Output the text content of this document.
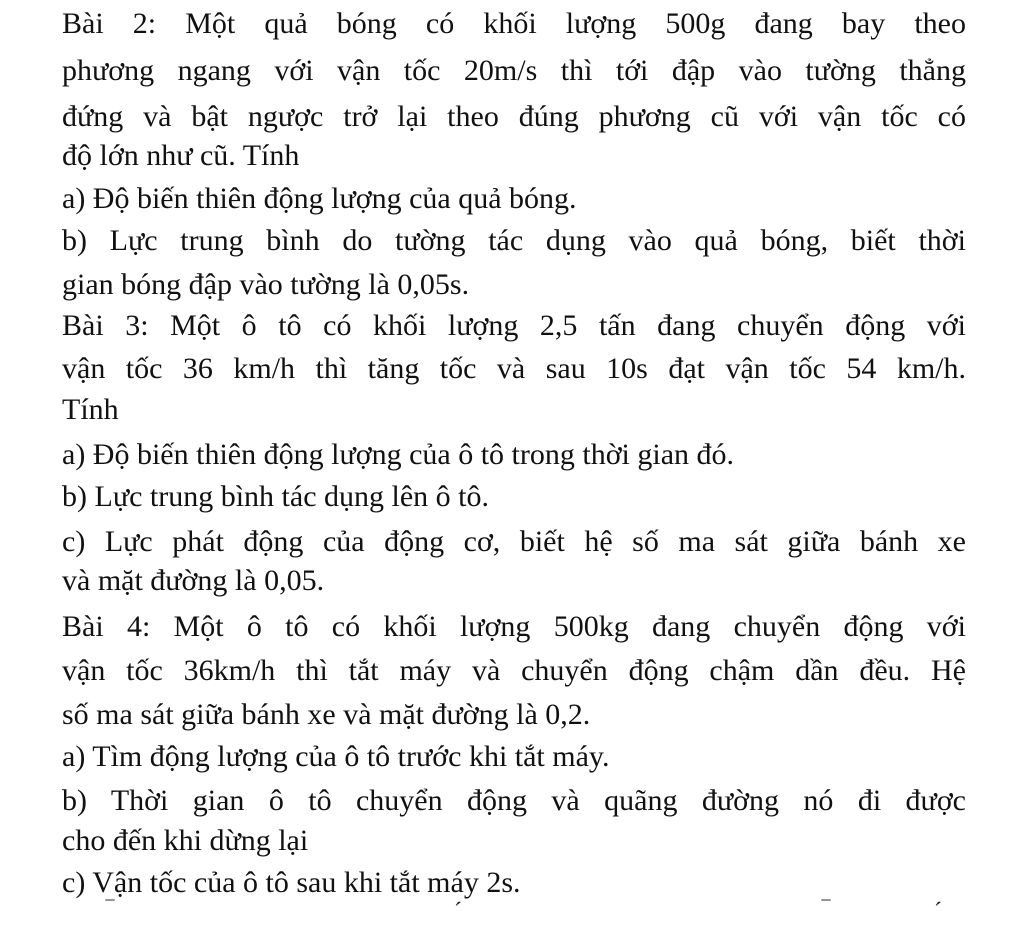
Bài 2: Một quả bóng có khối lượng 500g đang bay theo
phương ngang với vận tốc 20m/s thì tới đập vào tường thẳng
đứng và bật ngược trở lại theo đúng phương cũ với vận tốc có
độ lớn như cũ. Tính
a) Độ biến thiên động lượng của quả bóng.
b) Lực trung bình do tường tác dụng vào quả bóng, biết thời
gian bóng đập vào tường là 0,05s.
Bài 3: Một ô tô có khối lượng 2,5 tấn đang chuyển động với
vận tốc 36 km/h thì tăng tốc và sau 10s đạt vận tốc 54 km/h.
Tính
a) Độ biến thiên động lượng của ô tô trong thời gian đó.
b) Lực trung bình tác dụng lên ô tô.
c) Lực phát động của động cơ, biết hệ số ma sát giữa bánh xe
và mặt đường là 0,05.
Bài 4: Một ô tô có khối lượng 500kg đang chuyển động với
vận tốc 36km/h thì tắt máy và chuyển động chậm dần đều. Hệ
số ma sát giữa bánh xe và mặt đường là 0,2.
a) Tìm động lượng của ô tô trước khi tắt máy.
b) Thời gian ô tô chuyển động và quãng đường nó đi được
cho đến khi dừng lại
c) Vận tốc của ô tô sau khi tắt máy 2s.
‾	ˊ	‾	ˊ
